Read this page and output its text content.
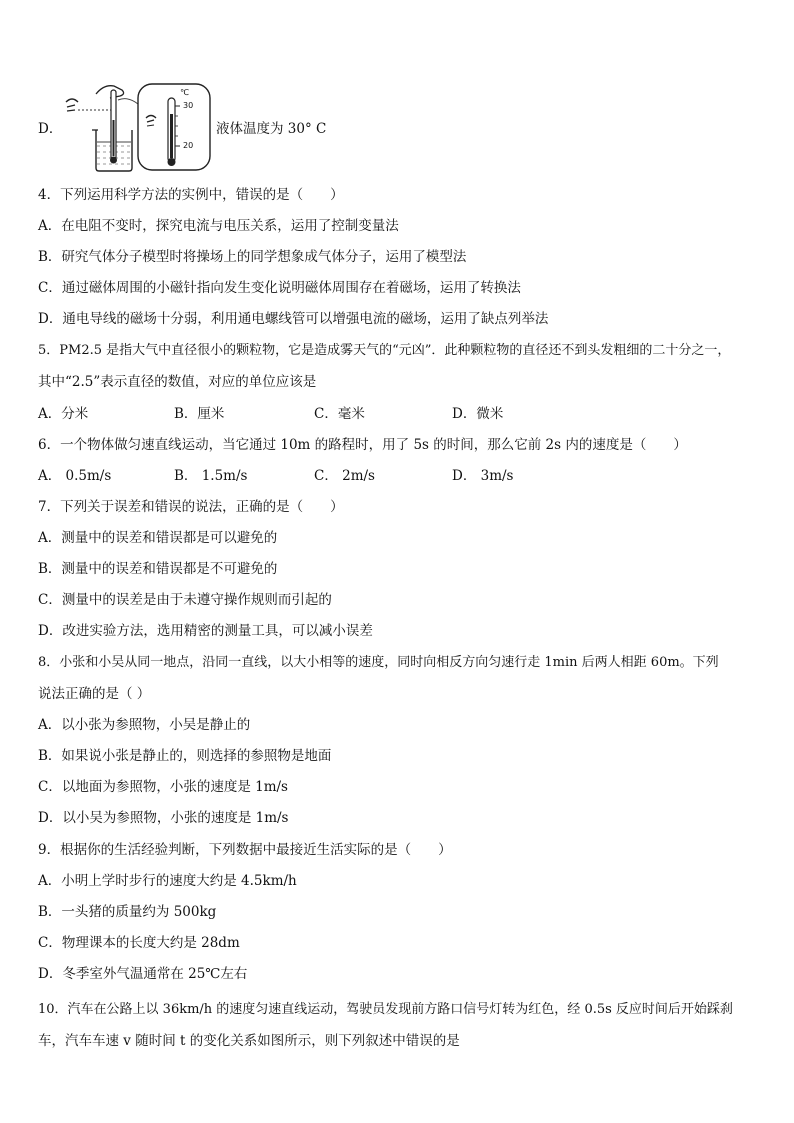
D．
℃
30
20
液体温度为 30° C
4．下列运用科学方法的实例中，错误的是（　　）
A．在电阻不变时，探究电流与电压关系，运用了控制变量法
B．研究气体分子模型时将操场上的同学想象成气体分子，运用了模型法
C．通过磁体周围的小磁针指向发生变化说明磁体周围存在着磁场，运用了转换法
D．通电导线的磁场十分弱，利用通电螺线管可以增强电流的磁场，运用了缺点列举法
5．PM2.5 是指大气中直径很小的颗粒物，它是造成雾天气的“元凶”．此种颗粒物的直径还不到头发粗细的二十分之一，
其中“2.5”表示直径的数值，对应的单位应该是
A．分米	B．厘米	C．毫米	D．微米
6．一个物体做匀速直线运动，当它通过 10m 的路程时，用了 5s 的时间，那么它前 2s 内的速度是（　　）
A． 0.5m/s	B． 1.5m/s	C． 2m/s	D． 3m/s
7．下列关于误差和错误的说法，正确的是（　　）
A．测量中的误差和错误都是可以避免的
B．测量中的误差和错误都是不可避免的
C．测量中的误差是由于未遵守操作规则而引起的
D．改进实验方法，选用精密的测量工具，可以减小误差
8．小张和小吴从同一地点，沿同一直线，以大小相等的速度，同时向相反方向匀速行走 1min 后两人相距 60m。下列
说法正确的是（ ）
A．以小张为参照物，小吴是静止的
B．如果说小张是静止的，则选择的参照物是地面
C．以地面为参照物，小张的速度是 1m/s
D．以小吴为参照物，小张的速度是 1m/s
9．根据你的生活经验判断，下列数据中最接近生活实际的是（　　）
A．小明上学时步行的速度大约是 4.5km/h
B．一头猪的质量约为 500kg
C．物理课本的长度大约是 28dm
D．冬季室外气温通常在 25℃左右
10．汽车在公路上以 36km/h 的速度匀速直线运动，驾驶员发现前方路口信号灯转为红色，经 0.5s 反应时间后开始踩刹
车，汽车车速 v 随时间 t 的变化关系如图所示，则下列叙述中错误的是
